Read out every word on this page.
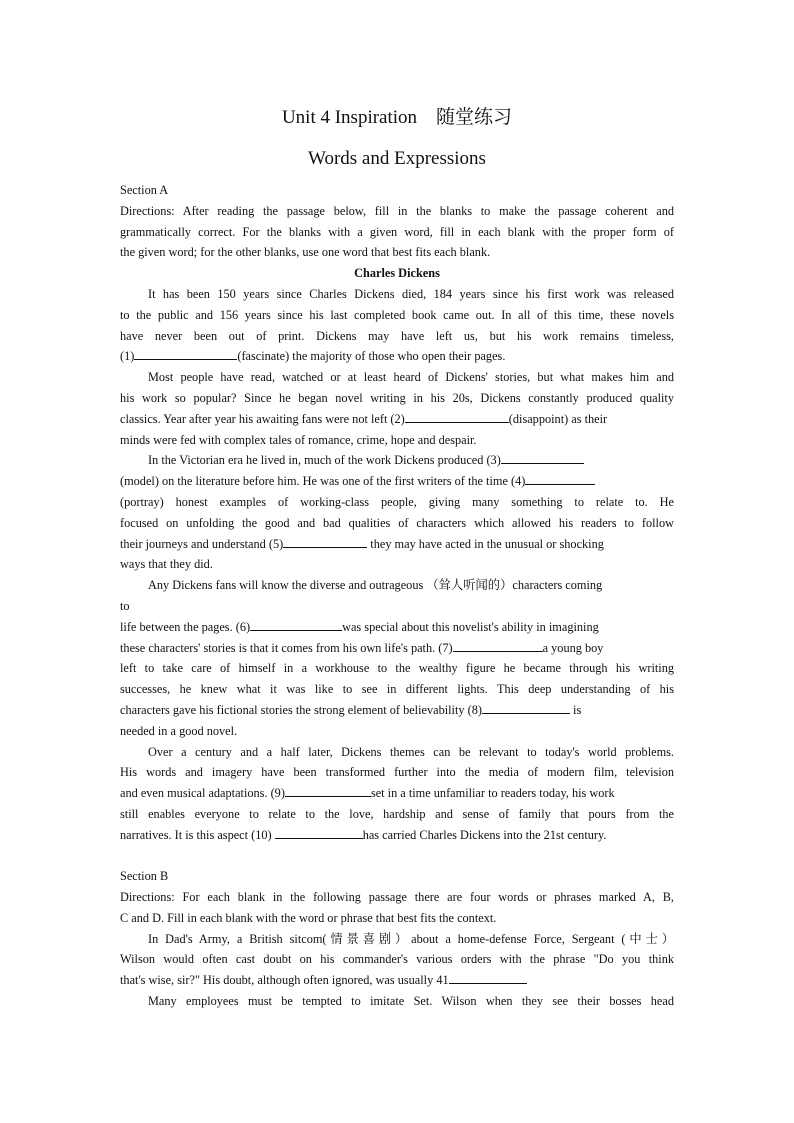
Unit 4 Inspiration　随堂练习
Words and Expressions
Section A
Directions: After reading the passage below, fill in the blanks to make the passage coherent and
grammatically correct. For the blanks with a given word, fill in each blank with the proper form of
the given word; for the other blanks, use one word that best fits each blank.
Charles Dickens
It has been 150 years since Charles Dickens died, 184 years since his first work was released
to the public and 156 years since his last completed book came out. In all of this time, these novels
have never been out of print. Dickens may have left us, but his work remains timeless,
(1)	(fascinate) the majority of those who open their pages.
Most people have read, watched or at least heard of Dickens' stories, but what makes him and
his work so popular? Since he began novel writing in his 20s, Dickens constantly produced quality
classics. Year after year his awaiting fans were not left (2)	(disappoint) as their
minds were fed with complex tales of romance, crime, hope and despair.
In the Victorian era he lived in, much of the work Dickens produced (3)
(model) on the literature before him. He was one of the first writers of the time (4)
(portray) honest examples of working-class people, giving many something to relate to. He
focused on unfolding the good and bad qualities of characters which allowed his readers to follow
their journeys and understand (5)	they may have acted in the unusual or shocking
ways that they did.
Any Dickens fans will know the diverse and outrageous （耸人听闻的）characters coming
to
life between the pages. (6)	was special about this novelist's ability in imagining
these characters' stories is that it comes from his own life's path. (7)	a young boy
left to take care of himself in a workhouse to the wealthy figure he became through his writing
successes, he knew what it was like to see in different lights. This deep understanding of his
characters gave his fictional stories the strong element of believability (8)	is
needed in a good novel.
Over a century and a half later, Dickens themes can be relevant to today's world problems.
His words and imagery have been transformed further into the media of modern film, television
and even musical adaptations. (9)	set in a time unfamiliar to readers today, his work
still enables everyone to relate to the love, hardship and sense of family that pours from the
narratives. It is this aspect (10)	has carried Charles Dickens into the 21st century.
Section B
Directions: For each blank in the following passage there are four words or phrases marked A, B,
C and D. Fill in each blank with the word or phrase that best fits the context.
In Dad's Army, a British sitcom(情景喜剧）about a home-defense Force, Sergeant (中士）
Wilson would often cast doubt on his commander's various orders with the phrase "Do you think
that's wise, sir?" His doubt, although often ignored, was usually 41
Many employees must be tempted to imitate Set. Wilson when they see their bosses head
